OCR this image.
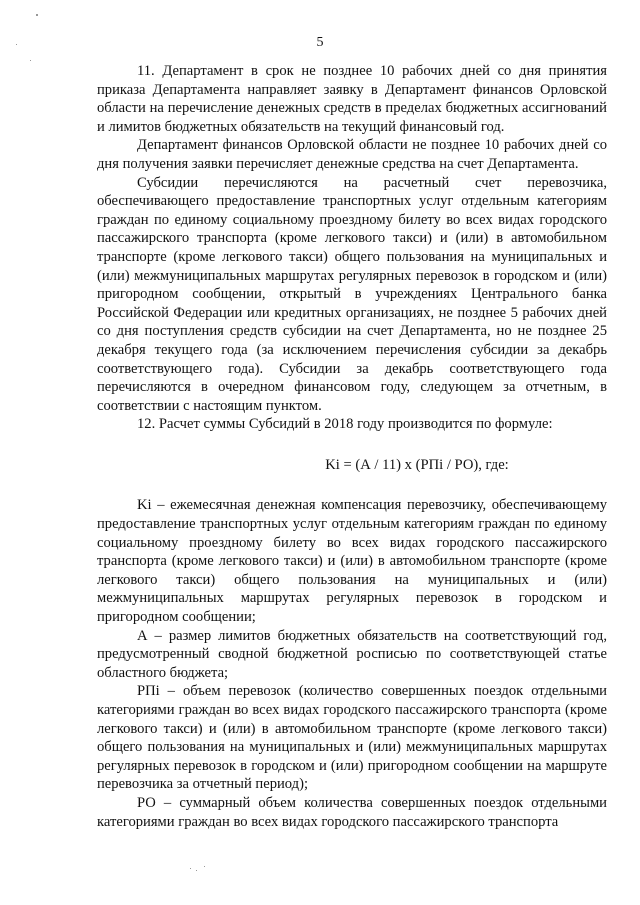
5

11. Департамент в срок не позднее 10 рабочих дней со дня принятия приказа Департамента направляет заявку в Департамент финансов Орловской области на перечисление денежных средств в пределах бюджетных ассигнований и лимитов бюджетных обязательств на текущий финансовый год.

Департамент финансов Орловской области не позднее 10 рабочих дней со дня получения заявки перечисляет денежные средства на счет Департамента.

Субсидии перечисляются на расчетный счет перевозчика, обеспечивающего предоставление транспортных услуг отдельным категориям граждан по единому социальному проездному билету во всех видах городского пассажирского транспорта (кроме легкового такси) и (или) в автомобильном транспорте (кроме легкового такси) общего пользования на муниципальных и (или) межмуниципальных маршрутах регулярных перевозок в городском и (или) пригородном сообщении, открытый в учреждениях Центрального банка Российской Федерации или кредитных организациях, не позднее 5 рабочих дней со дня поступления средств субсидии на счет Департамента, но не позднее 25 декабря текущего года (за исключением перечисления субсидии за декабрь соответствующего года). Субсидии за декабрь соответствующего года перечисляются в очередном финансовом году, следующем за отчетным, в соответствии с настоящим пунктом.

12. Расчет суммы Субсидий в 2018 году производится по формуле:

Ki = (А / 11) х (РПi / РО), где:

Ki – ежемесячная денежная компенсация перевозчику, обеспечивающему предоставление транспортных услуг отдельным категориям граждан по единому социальному проездному билету во всех видах городского пассажирского транспорта (кроме легкового такси) и (или) в автомобильном транспорте (кроме легкового такси) общего пользования на муниципальных и (или) межмуниципальных маршрутах регулярных перевозок в городском и пригородном сообщении;

А – размер лимитов бюджетных обязательств на соответствующий год, предусмотренный сводной бюджетной росписью по соответствующей статье областного бюджета;

РПi – объем перевозок (количество совершенных поездок отдельными категориями граждан во всех видах городского пассажирского транспорта (кроме легкового такси) и (или) в автомобильном транспорте (кроме легкового такси) общего пользования на муниципальных и (или) межмуниципальных маршрутах регулярных перевозок в городском и (или) пригородном сообщении на маршруте перевозчика за отчетный период);

РО – суммарный объем количества совершенных поездок отдельными категориями граждан во всех видах городского пассажирского транспорта
